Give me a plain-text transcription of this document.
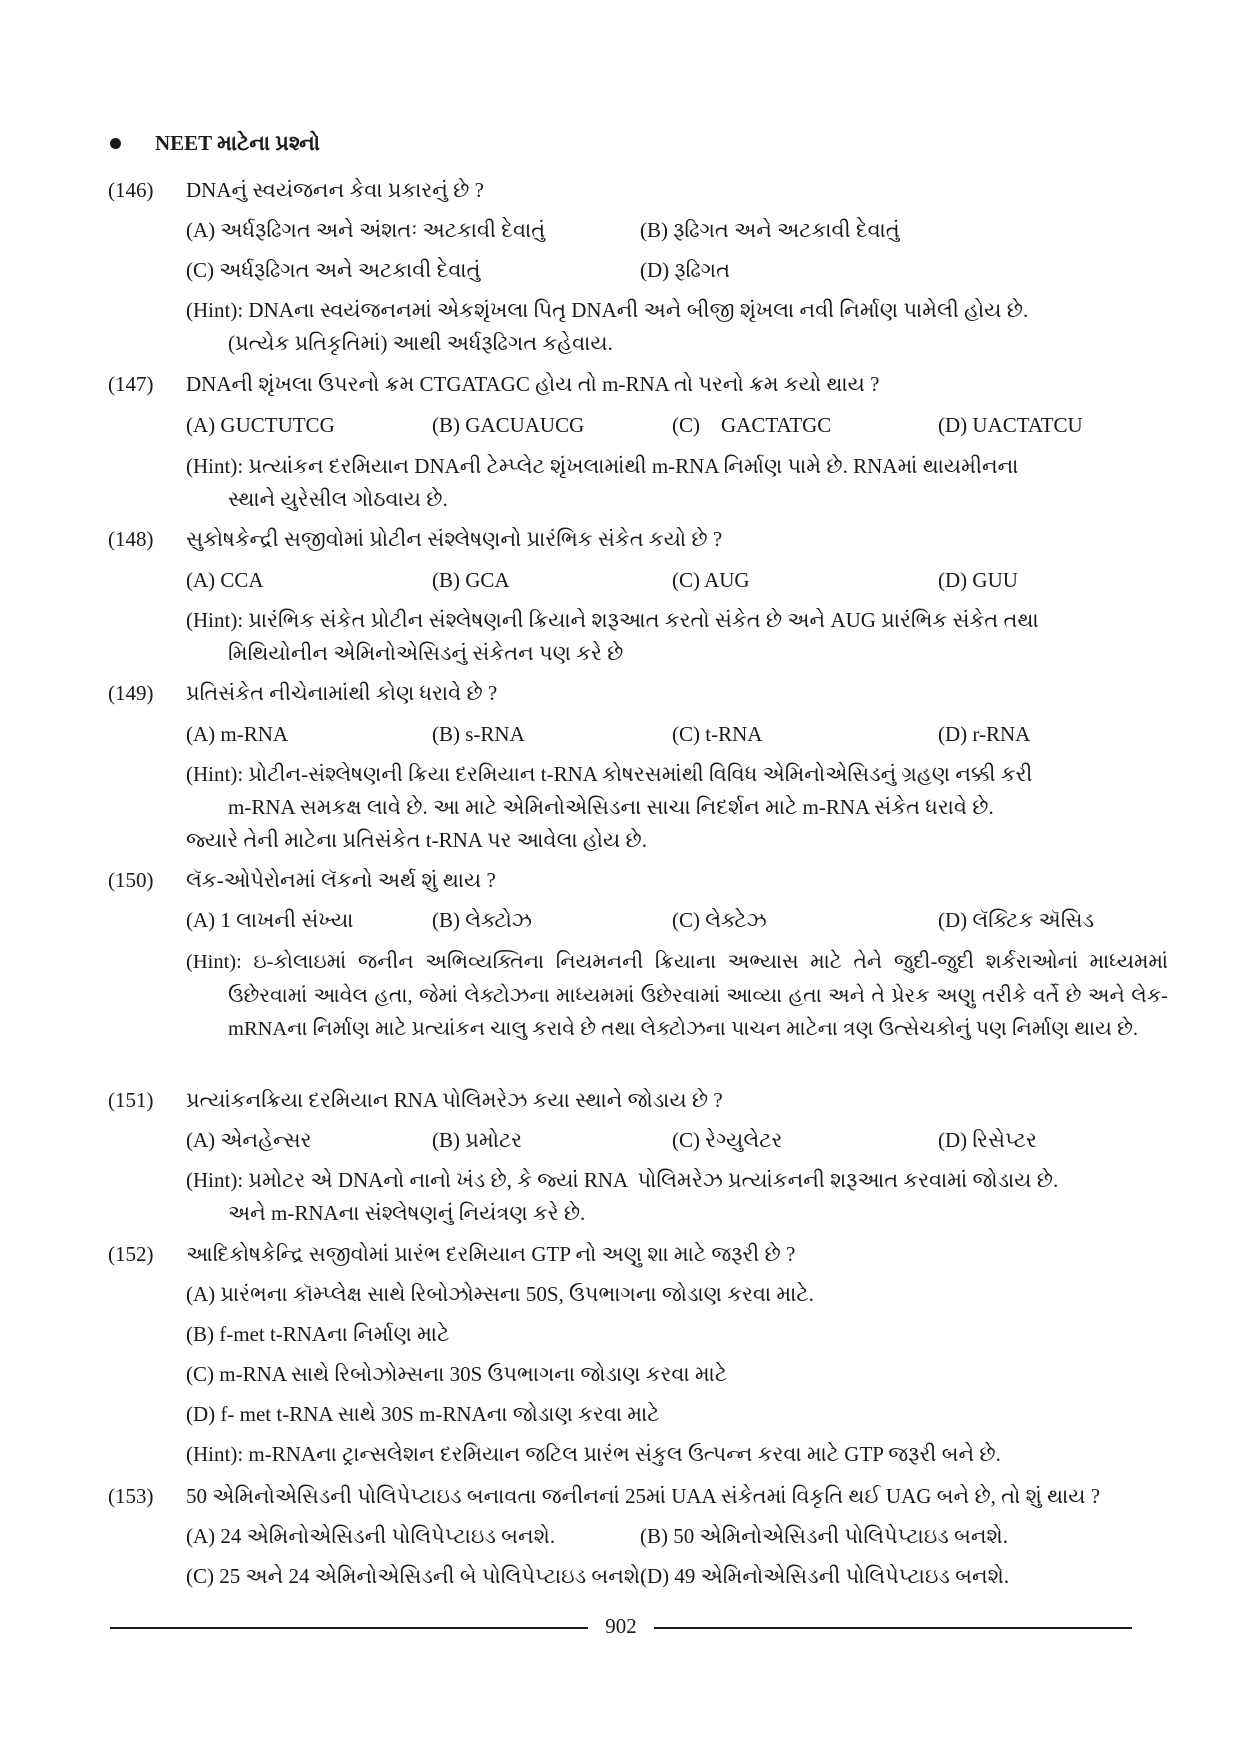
NEET માટેના પ્રશ્નો
(146) DNAનું સ્વયંજનન કેવા પ્રકારનું છે ?
(A) અર્ધરૂઢિગત અને અંશતઃ અટકાવી દેવાતું	(B) રૂઢિગત અને અટકાવી દેવાતું
(C) અર્ધરૂઢિગત અને અટકાવી દેવાતું	(D) રૂઢિગત
(Hint): DNAના સ્વયંજનનમાં એકશૃંખલા પિતૃ DNAની અને બીજી શૃંખલા નવી નિર્માણ પામેલી હોય છે.
(પ્રત્યેક પ્રતિકૃતિમાં) આથી અર્ધરૂઢિગત કહેવાય.
(147) DNAની શૃંખલા ઉપરનો ક્રમ CTGATAGC હોય તો m-RNA તો પરનો ક્રમ કયો થાય ?
(A) GUCTUTCG	(B) GACUAUCG	(C)    GACTATGC	(D) UACTATCU
(Hint): પ્રત્યાંકન દરમિયાન DNAની ટેમ્પ્લેટ શૃંખલામાંથી m-RNA નિર્માણ પામે છે. RNAમાં થાયમીનના
સ્થાને યુરેસીલ ગોઠવાય છે.
(148) સુકોષકેન્દ્રી સજીવોમાં પ્રોટીન સંશ્લેષણનો પ્રારંભિક સંકેત કયો છે ?
(A) CCA	(B) GCA	(C) AUG	(D) GUU
(Hint): પ્રારંભિક સંકેત પ્રોટીન સંશ્લેષણની ક્રિયાને શરૂઆત કરતો સંકેત છે અને AUG પ્રારંભિક સંકેત તથા
મિથિયોનીન એમિનોએસિડનું સંકેતન પણ કરે છે
(149) પ્રતિસંકેત નીચેનામાંથી કોણ ધરાવે છે ?
(A) m-RNA	(B) s-RNA	(C) t-RNA	(D) r-RNA
(Hint): પ્રોટીન-સંશ્લેષણની ક્રિયા દરમિયાન t-RNA કોષરસમાંથી વિવિધ એમિનોએસિડનું ગ્રહણ નક્કી કરી
m-RNA સમકક્ષ લાવે છે. આ માટે એમિનોએસિડના સાચા નિદર્શન માટે m-RNA સંકેત ધરાવે છે.
જ્યારે તેની માટેના પ્રતિસંકેત t-RNA પર આવેલા હોય છે.
(150) લૅક-ઓપેરોનમાં લૅકનો અર્થ શું થાય ?
(A) 1 લાખની સંખ્યા	(B) લેક્ટોઝ	(C) લેક્ટેઝ	(D) લૅક્ટિક ઍસિડ
(Hint): ઇ-કોલાઇમાં જનીન અભિવ્યક્તિના નિયમનની ક્રિયાના અભ્યાસ માટે તેને જુદી-જુદી શર્કરાઓનાં માધ્યમમાં ઉછેરવામાં આવેલ હતા, જેમાં લેક્ટોઝના માધ્યમમાં ઉછેરવામાં આવ્યા હતા અને તે પ્રેરક અણુ તરીકે વર્તે છે અને લેક-mRNAના નિર્માણ માટે પ્રત્યાંકન ચાલુ કરાવે છે તથા લેક્ટોઝના પાચન માટેના ત્રણ ઉત્સેચકોનું પણ નિર્માણ થાય છે.
(151) પ્રત્યાંકનક્રિયા દરમિયાન RNA પોલિમરેઝ કયા સ્થાને જોડાય છે ?
(A) એનહેન્સર	(B) પ્રમોટર	(C) રેગ્યુલેટર	(D) રિસેપ્ટર
(Hint): પ્રમોટર એ DNAનો નાનો ખંડ છે, કે જ્યાં RNA  પોલિમરેઝ પ્રત્યાંકનની શરૂઆત કરવામાં જોડાય છે.
અને m-RNAના સંશ્લેષણનું નિયંત્રણ કરે છે.
(152) આદિકોષકેન્દ્રિ સજીવોમાં પ્રારંભ દરમિયાન GTP નો અણુ શા માટે જરૂરી છે ?
(A) પ્રારંભના કૉમ્પ્લેક્ષ સાથે રિબોઝોમ્સના 50S, ઉપભાગના જોડાણ કરવા માટે.
(B) f-met t-RNAના નિર્માણ માટે
(C) m-RNA સાથે રિબોઝોમ્સના 30S ઉપભાગના જોડાણ કરવા માટે
(D) f- met t-RNA સાથે 30S m-RNAના જોડાણ કરવા માટે
(Hint): m-RNAના ટ્રાન્સલેશન દરમિયાન જટિલ પ્રારંભ સંકુલ ઉત્પન્ન કરવા માટે GTP જરૂરી બને છે.
(153) 50 એમિનોએસિડની પોલિપેપ્ટાઇડ બનાવતા જનીનનાં 25માં UAA સંકેતમાં વિકૃતિ થઈ UAG બને છે, તો શું થાય ?
(A) 24 એમિનોએસિડની પોલિપેપ્ટાઇડ બનશે.	(B) 50 એમિનોએસિડની પોલિપેપ્ટાઇડ બનશે.
(C) 25 અને 24 એમિનોએસિડની બે પોલિપેપ્ટાઇડ બનશે.
(D) 49 એમિનોએસિડની પોલિપેપ્ટાઇડ બનશે.
902
